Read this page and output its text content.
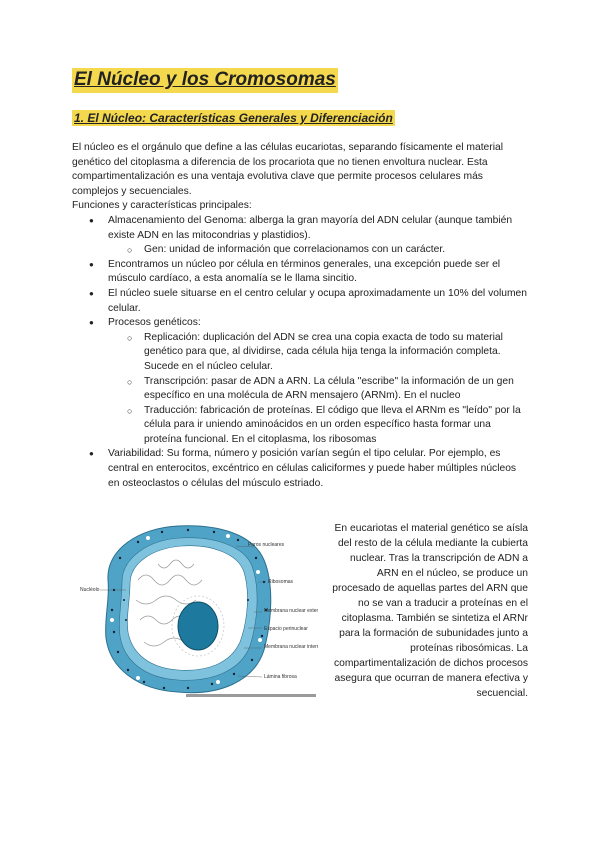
El Núcleo y los Cromosomas
1. El Núcleo: Características Generales y Diferenciación

El núcleo es el orgánulo que define a las células eucariotas, separando físicamente el material genético del citoplasma a diferencia de los procariota que no tienen envoltura nuclear. Esta compartimentalización es una ventaja evolutiva clave que permite procesos celulares más complejos y secuenciales.

Funciones y características principales:

● Almacenamiento del Genoma: alberga la gran mayoría del ADN celular (aunque también existe ADN en las mitocondrias y plastidios).
○ Gen: unidad de información que correlacionamos con un carácter.
● Encontramos un núcleo por célula en términos generales, una excepción puede ser el músculo cardíaco, a esta anomalía se le llama sincitio.
● El núcleo suele situarse en el centro celular y ocupa aproximadamente un 10% del volumen celular.
● Procesos genéticos:
○ Replicación: duplicación del ADN se crea una copia exacta de todo su material genético para que, al dividirse, cada célula hija tenga la información completa. Sucede en el núcleo celular.
○ Transcripción: pasar de ADN a ARN. La célula "escribe" la información de un gen específico en una molécula de ARN mensajero (ARNm). En el nucleo
○ Traducción: fabricación de proteínas. El código que lleva el ARNm es "leído" por la célula para ir uniendo aminoácidos en un orden específico hasta formar una proteína funcional. En el citoplasma, los ribosomas
● Variabilidad: Su forma, número y posición varían según el tipo celular. Por ejemplo, es central en enterocitos, excéntrico en células caliciformes y puede haber múltiples núcleos en osteoclastos o células del músculo estriado.
Poros nucleares
Nucléolo
Ribosomas
Membrana nuclear externa
Espacio perinuclear
Membrana nuclear interna
Lámina fibrosa

En eucariotas el material genético se aísla del resto de la célula mediante la cubierta nuclear. Tras la transcripción de ADN a ARN en el núcleo, se produce un procesado de aquellas partes del ARN que no se van a traducir a proteínas en el citoplasma. También se sintetiza el ARNr para la formación de subunidades junto a proteínas ribosómicas. La compartimentalización de dichos procesos asegura que ocurran de manera efectiva y secuencial.
